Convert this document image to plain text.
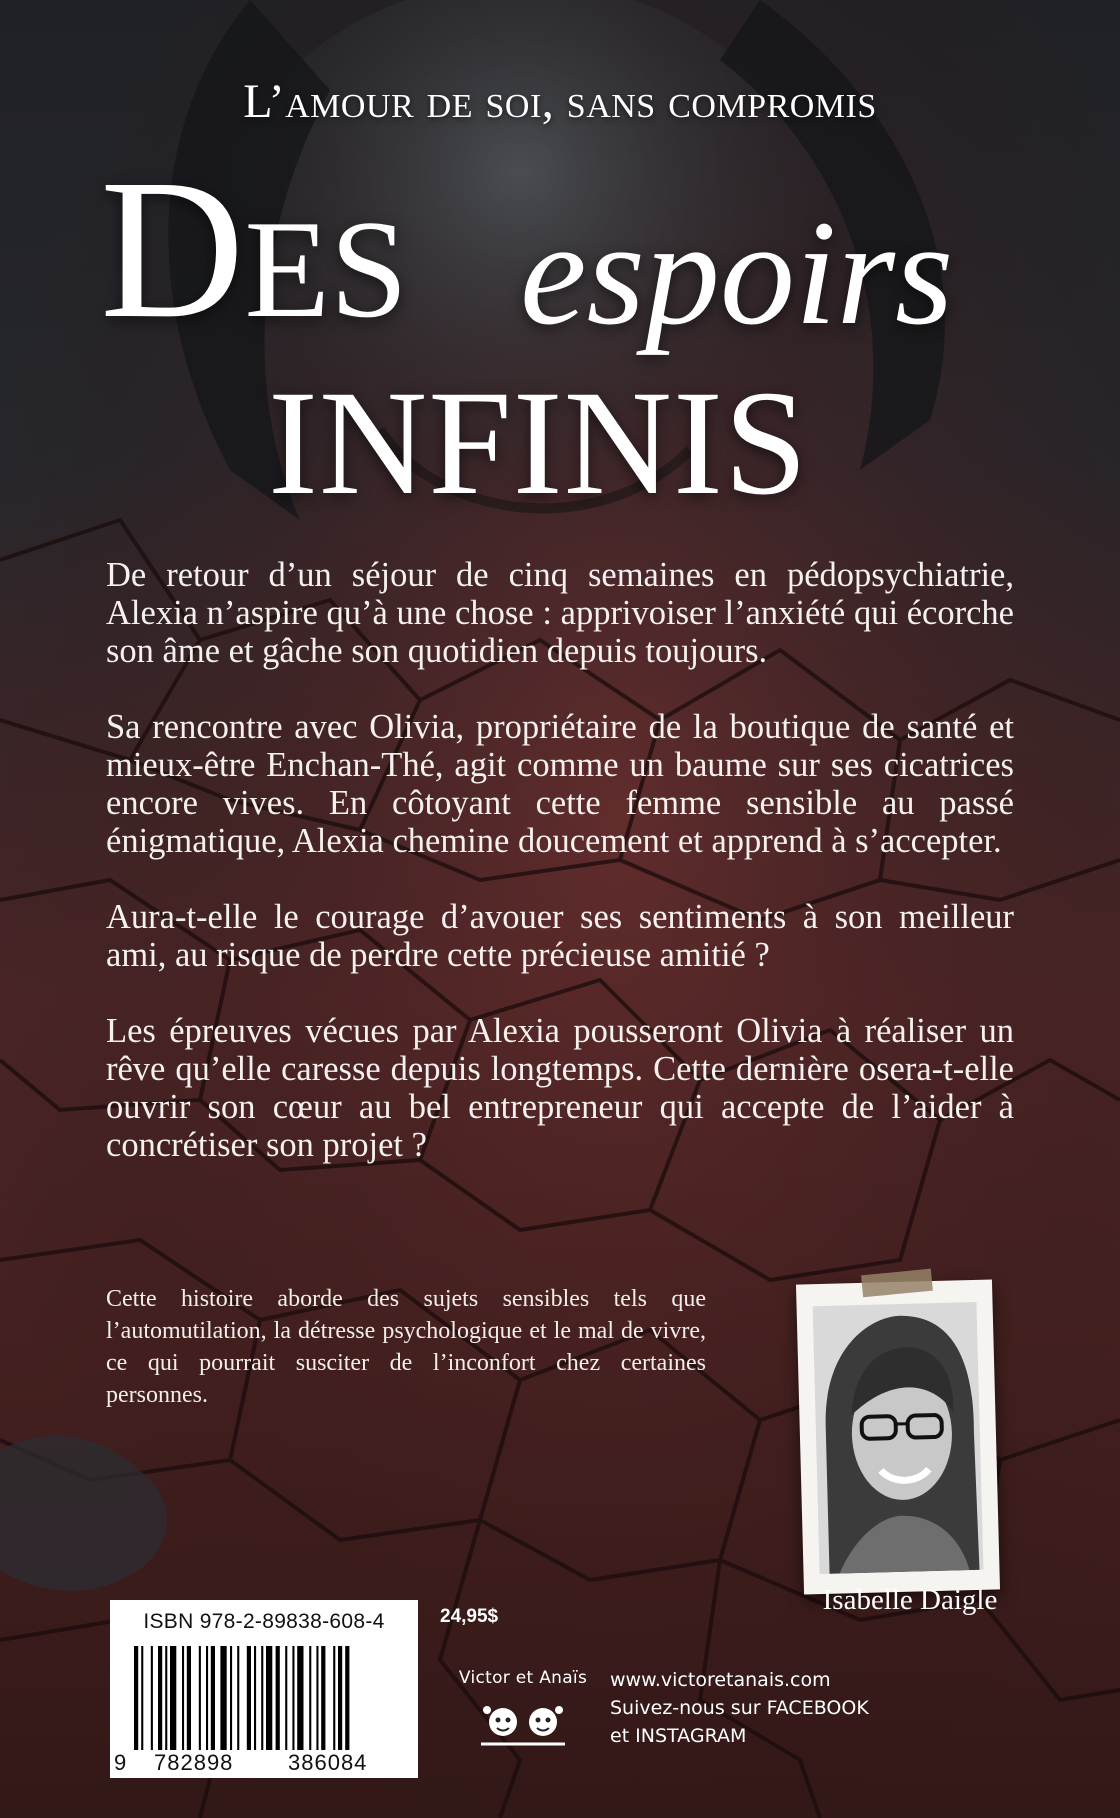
L’amour de soi, sans compromis
Des espoirs
INFINIS

De retour d’un séjour de cinq semaines en pédopsychiatrie, Alexia n’aspire qu’à une chose : apprivoiser l’anxiété qui écorche son âme et gâche son quotidien depuis toujours.

Sa rencontre avec Olivia, propriétaire de la boutique de santé et mieux-être Enchan-Thé, agit comme un baume sur ses cicatrices encore vives. En côtoyant cette femme sensible au passé énigmatique, Alexia chemine doucement et apprend à s’accepter.

Aura-t-elle le courage d’avouer ses sentiments à son meilleur ami, au risque de perdre cette précieuse amitié ?

Les épreuves vécues par Alexia pousseront Olivia à réaliser un rêve qu’elle caresse depuis longtemps. Cette dernière osera-t-elle ouvrir son cœur au bel entrepreneur qui accepte de l’aider à concrétiser son projet ?

Cette histoire aborde des sujets sensibles tels que l’automutilation, la détresse psychologique et le mal de vivre, ce qui pourrait susciter de l’inconfort chez certaines personnes.
Isabelle Daigle
ISBN 978-2-89838-608-4
9 782898 386084
24,95$
Victor et Anaïs	www.victoretanais.com
Suivez-nous sur FACEBOOK
et INSTAGRAM
